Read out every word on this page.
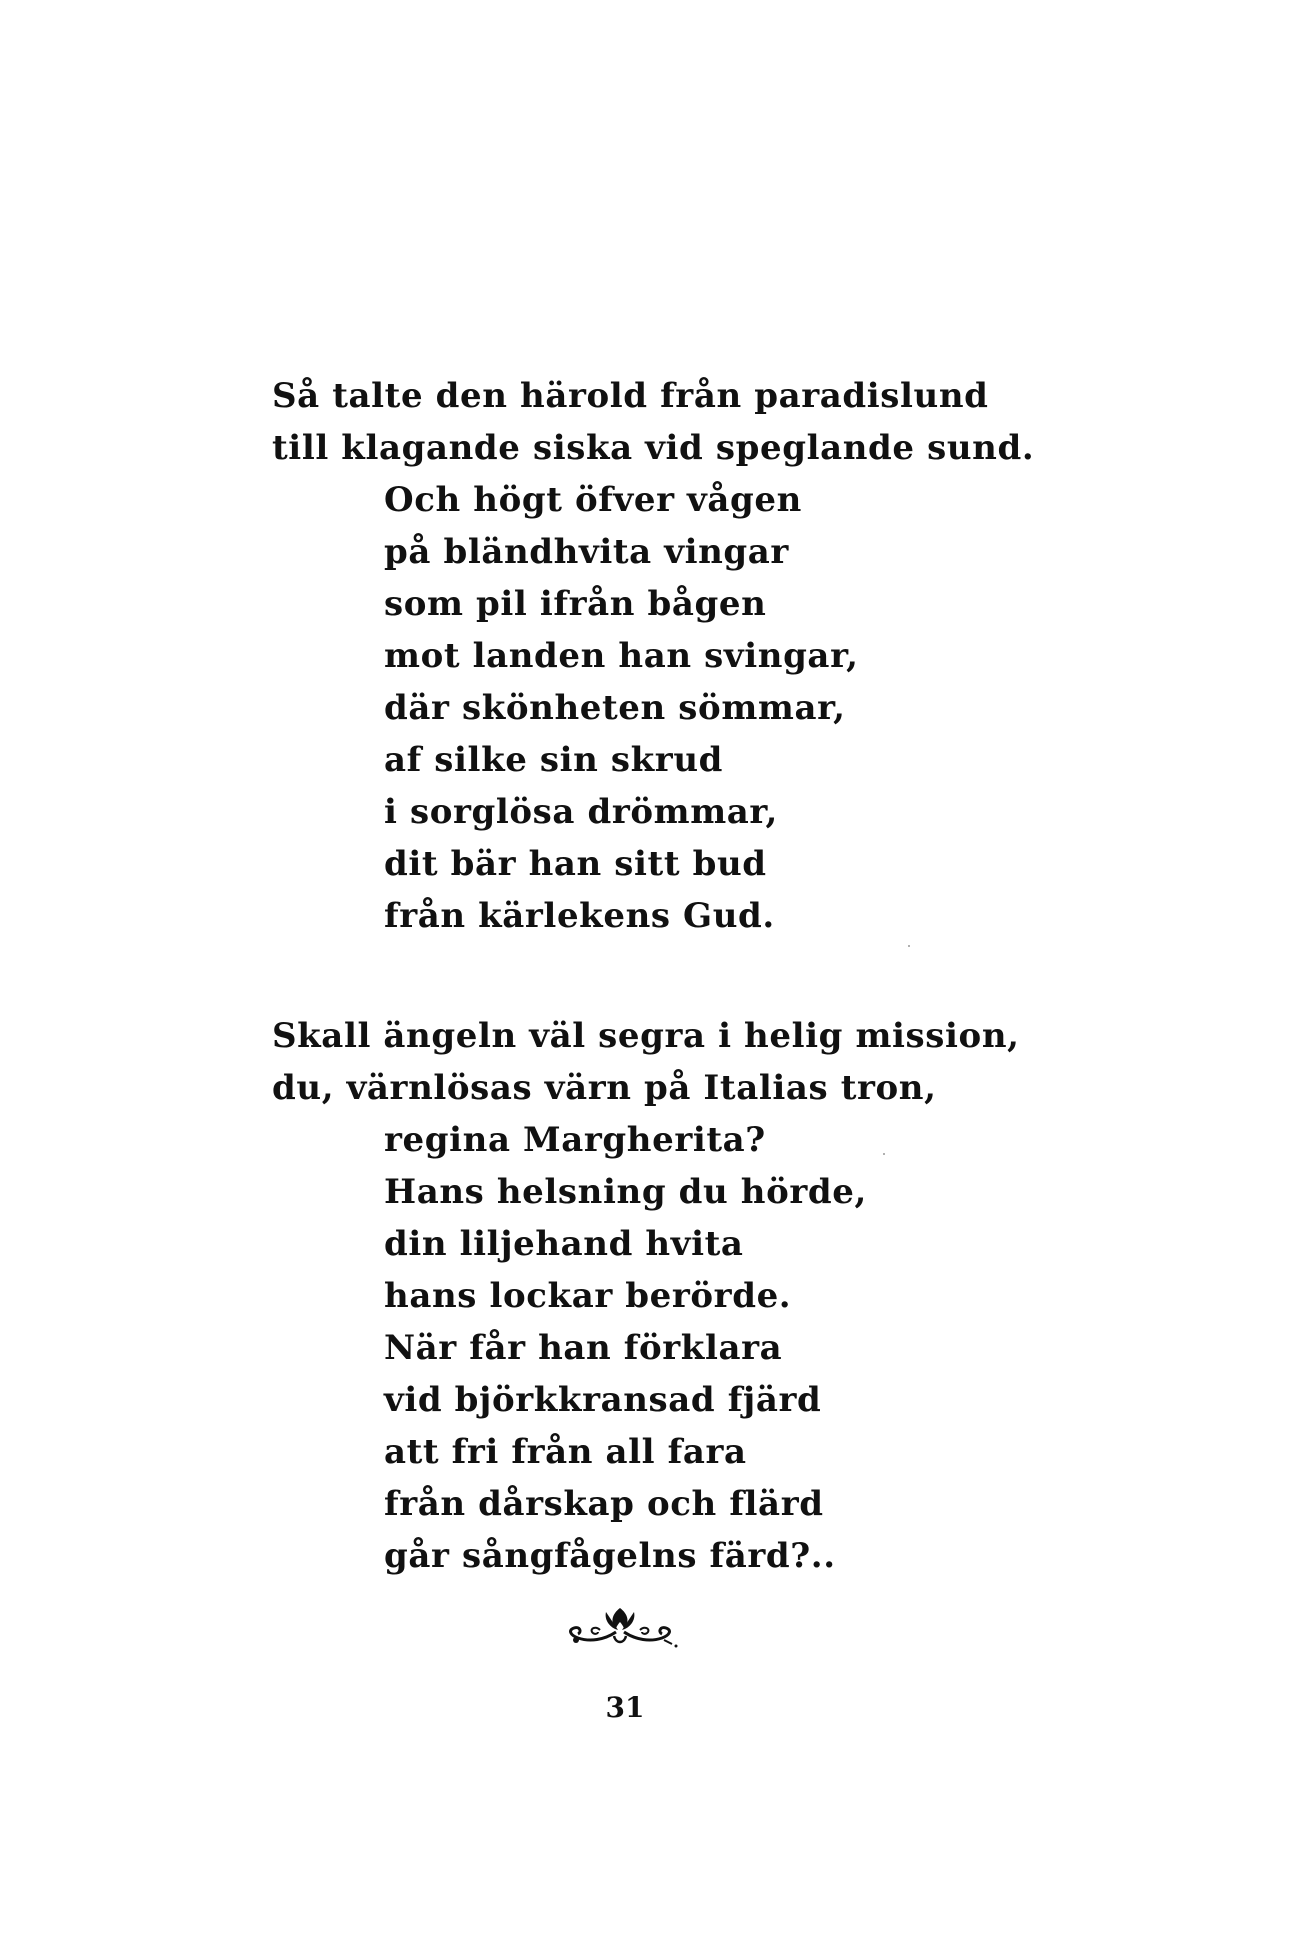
Så talte den härold från paradislund
till klagande siska vid speglande sund.
Och högt öfver vågen
på bländhvita vingar
som pil ifrån bågen
mot landen han svingar,
där skönheten sömmar,
af silke sin skrud
i sorglösa drömmar,
dit bär han sitt bud
från kärlekens Gud.
Skall ängeln väl segra i helig mission,
du, värnlösas värn på Italias tron,
regina Margherita?
Hans helsning du hörde,
din liljehand hvita
hans lockar berörde.
När får han förklara
vid björkkransad fjärd
att fri från all fara
från dårskap och flärd
går sångfågelns färd?..
31
